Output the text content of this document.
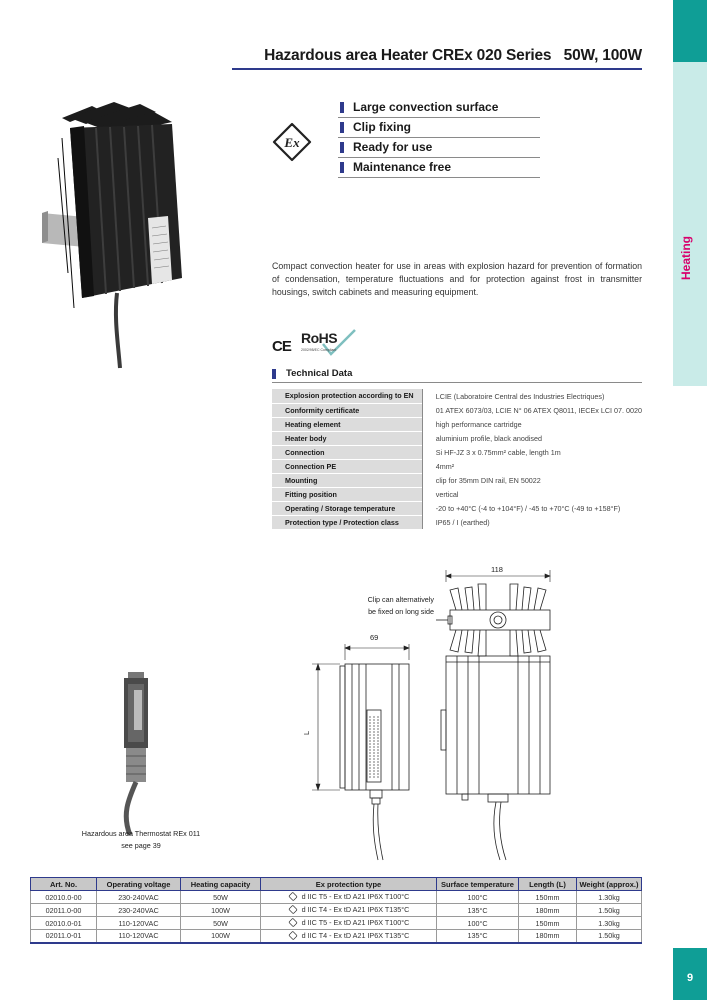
Heating
9
Hazardous area Heater CREx 020 Series   50W, 100W
Ex
Large convection surface
Clip fixing
Ready for use
Maintenance free
Compact convection heater for use in areas with explosion hazard for prevention of formation of condensation, temperature fluctuations and for protection against frost in transmitter housings, switch cabinets and measuring equipment.
CE RoHS
2002/95/EC Compliant
Technical Data
Explosion protection according to EN	LCIE (Laboratoire Central des Industries Electriques)
Conformity certificate	01 ATEX 6073/03, LCIE N° 06 ATEX Q8011, IECEx LCI 07. 0020
Heating element	high performance cartridge
Heater body	aluminium profile, black anodised
Connection	Si HF-JZ 3 x 0.75mm² cable, length 1m
Connection PE	4mm²
Mounting	clip for 35mm DIN rail, EN 50022
Fitting position	vertical
Operating / Storage temperature	-20 to +40°C (-4 to +104°F) / -45 to +70°C (-49 to +158°F)
Protection type / Protection class	IP65 / I (earthed)
69
L
118
Clip can alternatively
be fixed on long side
Hazardous area Thermostat REx 011
see page 39
Art. No.	Operating voltage	Heating capacity	Ex protection type	Surface temperature	Length (L)	Weight (approx.)
02010.0-00	230-240VAC	50W	d IIC T5 - Ex tD A21 IP6X T100°C	100°C	150mm	1.30kg
02011.0-00	230-240VAC	100W	d IIC T4 - Ex tD A21 IP6X T135°C	135°C	180mm	1.50kg
02010.0-01	110-120VAC	50W	d IIC T5 - Ex tD A21 IP6X T100°C	100°C	150mm	1.30kg
02011.0-01	110-120VAC	100W	d IIC T4 - Ex tD A21 IP6X T135°C	135°C	180mm	1.50kg
